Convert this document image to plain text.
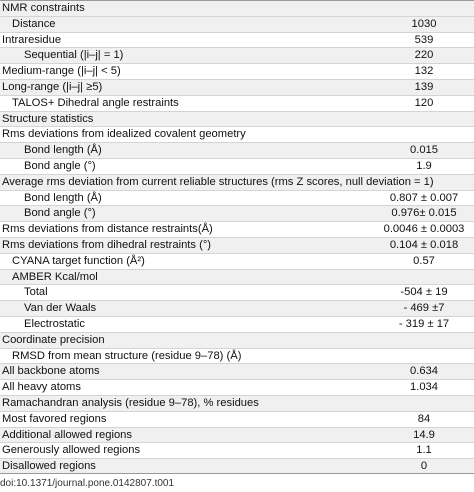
NMR constraints
Distance	1030
Intraresidue	539
Sequential (|i–j| = 1)	220
Medium-range (|i–j| < 5)	132
Long-range (|i–j| ≥5)	139
TALOS+ Dihedral angle restraints	120
Structure statistics
Rms deviations from idealized covalent geometry
Bond length (Å)	0.015
Bond angle (°)	1.9
Average rms deviation from current reliable structures (rms Z scores, null deviation = 1)
Bond length (Å)	0.807 ± 0.007
Bond angle (°)	0.976± 0.015
Rms deviations from distance restraints(Å)	0.0046 ± 0.0003
Rms deviations from dihedral restraints (°)	0.104 ± 0.018
CYANA target function (Å²)	0.57
AMBER Kcal/mol
Total	-504 ± 19
Van der Waals	- 469 ±7
Electrostatic	- 319 ± 17
Coordinate precision
RMSD from mean structure (residue 9–78) (Å)
All backbone atoms	0.634
All heavy atoms	1.034
Ramachandran analysis (residue 9–78), % residues
Most favored regions	84
Additional allowed regions	14.9
Generously allowed regions	1.1
Disallowed regions	0
doi:10.1371/journal.pone.0142807.t001
